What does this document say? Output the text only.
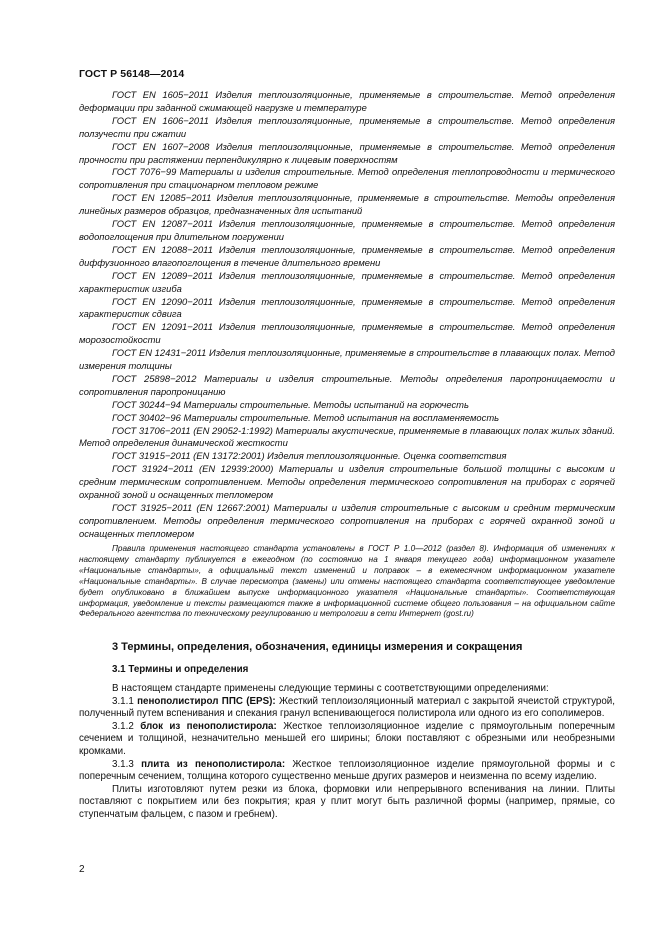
ГОСТ Р 56148—2014

ГОСТ EN 1605−2011 Изделия теплоизоляционные, применяемые в строительстве. Метод определения деформации при заданной сжимающей нагрузке и температуре

ГОСТ EN 1606−2011 Изделия теплоизоляционные, применяемые в строительстве. Метод определения ползучести при сжатии

ГОСТ EN 1607−2008 Изделия теплоизоляционные, применяемые в строительстве. Метод определения прочности при растяжении перпендикулярно к лицевым поверхностям

ГОСТ 7076−99 Материалы и изделия строительные. Метод определения теплопроводности и термического сопротивления при стационарном тепловом режиме

ГОСТ EN 12085−2011 Изделия теплоизоляционные, применяемые в строительстве. Методы определения линейных размеров образцов, предназначенных для испытаний

ГОСТ EN 12087−2011 Изделия теплоизоляционные, применяемые в строительстве. Метод определения водопоглощения при длительном погружении

ГОСТ EN 12088−2011 Изделия теплоизоляционные, применяемые в строительстве. Метод определения диффузионного влагопоглощения в течение длительного времени

ГОСТ EN 12089−2011 Изделия теплоизоляционные, применяемые в строительстве. Метод определения характеристик изгиба

ГОСТ EN 12090−2011 Изделия теплоизоляционные, применяемые в строительстве. Метод определения характеристик сдвига

ГОСТ EN 12091−2011 Изделия теплоизоляционные, применяемые в строительстве. Метод определения морозостойкости

ГОСТ EN 12431−2011 Изделия теплоизоляционные, применяемые в строительстве в плавающих полах. Метод измерения толщины

ГОСТ 25898−2012 Материалы и изделия строительные. Методы определения паропроницаемости и сопротивления паропроницанию

ГОСТ 30244−94 Материалы строительные. Методы испытаний на горючесть

ГОСТ 30402−96 Материалы строительные. Метод испытания на воспламеняемость

ГОСТ 31706−2011 (EN 29052-1:1992) Материалы акустические, применяемые в плавающих полах жилых зданий. Метод определения динамической жесткости

ГОСТ 31915−2011 (EN 13172:2001) Изделия теплоизоляционные. Оценка соответствия

ГОСТ 31924−2011 (EN 12939:2000) Материалы и изделия строительные большой толщины с высоким и средним термическим сопротивлением. Методы определения термического сопротивления на приборах с горячей охранной зоной и оснащенных тепломером

ГОСТ 31925−2011 (EN 12667:2001) Материалы и изделия строительные с высоким и средним термическим сопротивлением. Методы определения термического сопротивления на приборах с горячей охранной зоной и оснащенных тепломером

Правила применения настоящего стандарта установлены в ГОСТ Р 1.0—2012 (раздел 8). Информация об изменениях к настоящему стандарту публикуется в ежегодном (по состоянию на 1 января текущего года) информационном указателе «Национальные стандарты», а официальный текст изменений и поправок – в ежемесячном информационном указателе «Национальные стандарты». В случае пересмотра (замены) или отмены настоящего стандарта соответствующее уведомление будет опубликовано в ближайшем выпуске информационного указателя «Национальные стандарты». Соответствующая информация, уведомление и тексты размещаются также в информационной системе общего пользования – на официальном сайте Федерального агентства по техническому регулированию и метрологии в сети Интернет (gost.ru)

3 Термины, определения, обозначения, единицы измерения и сокращения
3.1 Термины и определения

В настоящем стандарте применены следующие термины с соответствующими определениями:

3.1.1 пенополистирол ППС (EPS): Жесткий теплоизоляционный материал с закрытой ячеистой структурой, полученный путем вспенивания и спекания гранул вспенивающегося полистирола или одного из его сополимеров.

3.1.2 блок из пенополистирола: Жесткое теплоизоляционное изделие с прямоугольным поперечным сечением и толщиной, незначительно меньшей его ширины; блоки поставляют с обрезными или необрезными кромками.

3.1.3 плита из пенополистирола: Жесткое теплоизоляционное изделие прямоугольной формы и с поперечным сечением, толщина которого существенно меньше других размеров и неизменна по всему изделию.

Плиты изготовляют путем резки из блока, формовки или непрерывного вспенивания на линии. Плиты поставляют с покрытием или без покрытия; края у плит могут быть различной формы (например, прямые, со ступенчатым фальцем, с пазом и гребнем).

2
